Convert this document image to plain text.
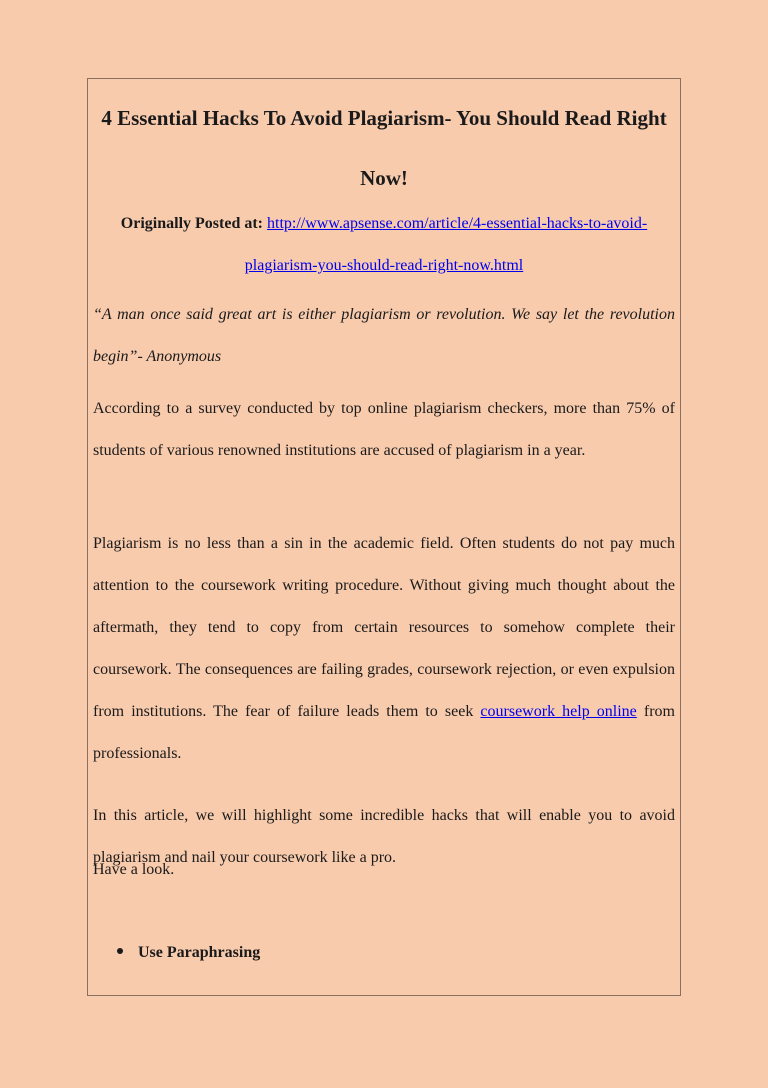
4 Essential Hacks To Avoid Plagiarism- You Should Read Right Now!
Originally Posted at: http://www.apsense.com/article/4-essential-hacks-to-avoid-plagiarism-you-should-read-right-now.html

“A man once said great art is either plagiarism or revolution. We say let the revolution begin”- Anonymous

According to a survey conducted by top online plagiarism checkers, more than 75% of students of various renowned institutions are accused of plagiarism in a year.

Plagiarism is no less than a sin in the academic field. Often students do not pay much attention to the coursework writing procedure. Without giving much thought about the aftermath, they tend to copy from certain resources to somehow complete their coursework. The consequences are failing grades, coursework rejection, or even expulsion from institutions. The fear of failure leads them to seek coursework help online from professionals.

In this article, we will highlight some incredible hacks that will enable you to avoid plagiarism and nail your coursework like a pro.

Have a look.

Use Paraphrasing
